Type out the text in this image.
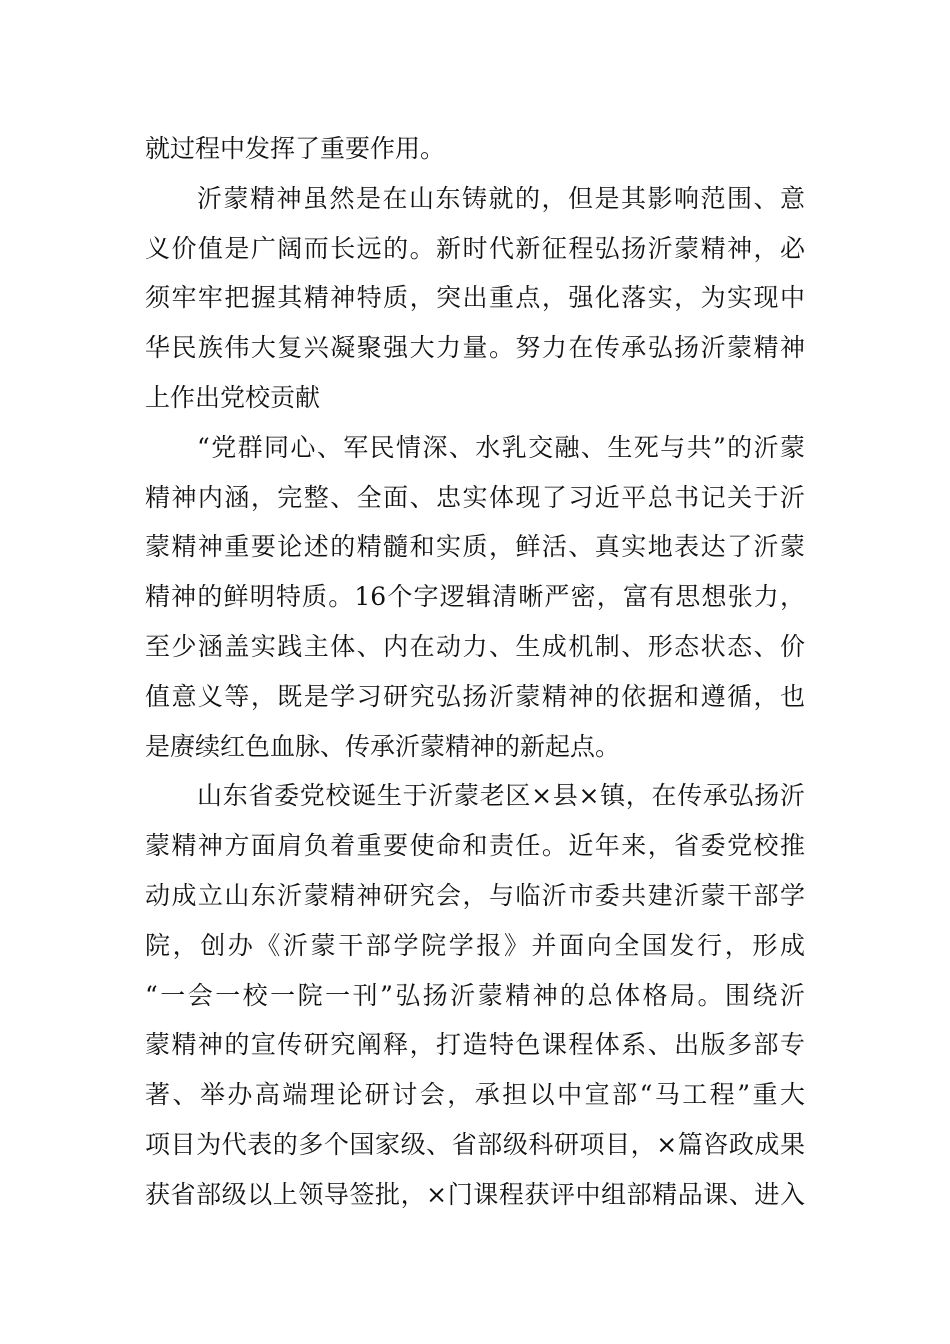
就过程中发挥了重要作用。
沂蒙精神虽然是在山东铸就的，但是其影响范围、意
义价值是广阔而长远的。新时代新征程弘扬沂蒙精神，必
须牢牢把握其精神特质，突出重点，强化落实，为实现中
华民族伟大复兴凝聚强大力量。努力在传承弘扬沂蒙精神
上作出党校贡献
“党群同心、军民情深、水乳交融、生死与共”的沂蒙
精神内涵，完整、全面、忠实体现了习近平总书记关于沂
蒙精神重要论述的精髓和实质，鲜活、真实地表达了沂蒙
精神的鲜明特质。16个字逻辑清晰严密，富有思想张力，
至少涵盖实践主体、内在动力、生成机制、形态状态、价
值意义等，既是学习研究弘扬沂蒙精神的依据和遵循，也
是赓续红色血脉、传承沂蒙精神的新起点。
山东省委党校诞生于沂蒙老区×县×镇，在传承弘扬沂
蒙精神方面肩负着重要使命和责任。近年来，省委党校推
动成立山东沂蒙精神研究会，与临沂市委共建沂蒙干部学
院，创办《沂蒙干部学院学报》并面向全国发行，形成
“一会一校一院一刊”弘扬沂蒙精神的总体格局。围绕沂
蒙精神的宣传研究阐释，打造特色课程体系、出版多部专
著、举办高端理论研讨会，承担以中宣部“马工程”重大
项目为代表的多个国家级、省部级科研项目，×篇咨政成果
获省部级以上领导签批，×门课程获评中组部精品课、进入
